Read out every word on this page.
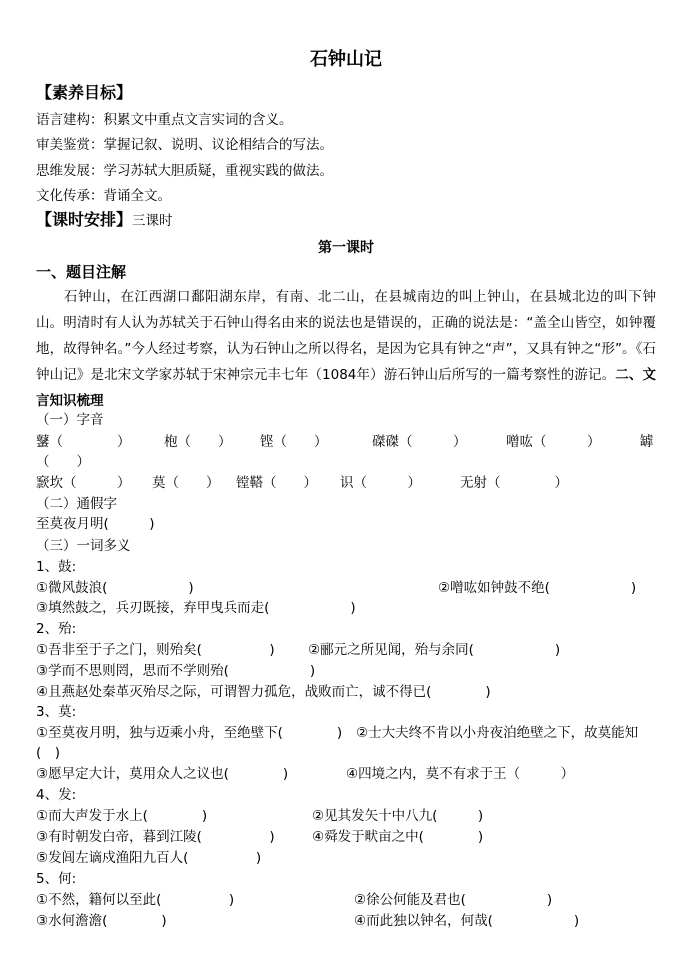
石钟山记
【素养目标】
语言建构：积累文中重点文言实词的含义。
审美鉴赏：掌握记叙、说明、议论相结合的写法。
思维发展：学习苏轼大胆质疑，重视实践的做法。
文化传承：背诵全文。
【课时安排】三课时
第一课时
一、题目注解
石钟山，在江西湖口鄱阳湖东岸，有南、北二山，在县城南边的叫上钟山，在县城北边的叫下钟山。明清时有人认为苏轼关于石钟山得名由来的说法也是错误的，正确的说法是：“盖全山皆空，如钟覆地，故得钟名。”今人经过考察，认为石钟山之所以得名，是因为它具有钟之“声”，又具有钟之“形”。《石钟山记》是北宋文学家苏轼于宋神宗元丰七年（1084年）游石钟山后所写的一篇考察性的游记。二、文言知识梳理
（一）字音
鼜（　　　　） 枹（　　） 铿（　　）	磔磔（　　　）	噌吰（　　　）	罅
（　　）
窾坎（　　　） 莫（　　） 镗鞳（　　） 识（　　　）	无射（　　　　）
（二）通假字
至莫夜月明(　　　)
（三）一词多义
1、鼓:
①微风鼓浪(　　　　　　)	②噌吰如钟鼓不绝(　　　　　　)
③填然鼓之，兵刃既接，弃甲曳兵而走(　　　　　　)
2、殆:
①吾非至于子之门，则殆矣(　　　　　) ②郦元之所见闻，殆与余同(　　　　　　)
③学而不思则罔，思而不学则殆(　　　　　　)
④且燕赵处秦革灭殆尽之际，可谓智力孤危，战败而亡，诚不得已(　　　　)
3、莫:
①至莫夜月明，独与迈乘小舟，至绝壁下(　　　　) ②士大夫终不肯以小舟夜泊绝壁之下，故莫能知
(　)
③愿早定大计，莫用众人之议也(　　　　)	④四境之内，莫不有求于王（　　　）
4、发:
①而大声发于水上(　　　　)	②见其发矢十中八九(　　　)
③有时朝发白帝，暮到江陵(　　　　　)	④舜发于畎亩之中(　　　　)
⑤发闾左谪戍渔阳九百人(　　　　　)
5、何:
①不然，籍何以至此(　　　　　)	②徐公何能及君也(　　　　　　)
③水何澹澹(　　　　)	④而此独以钟名，何哉(　　　　　　)
